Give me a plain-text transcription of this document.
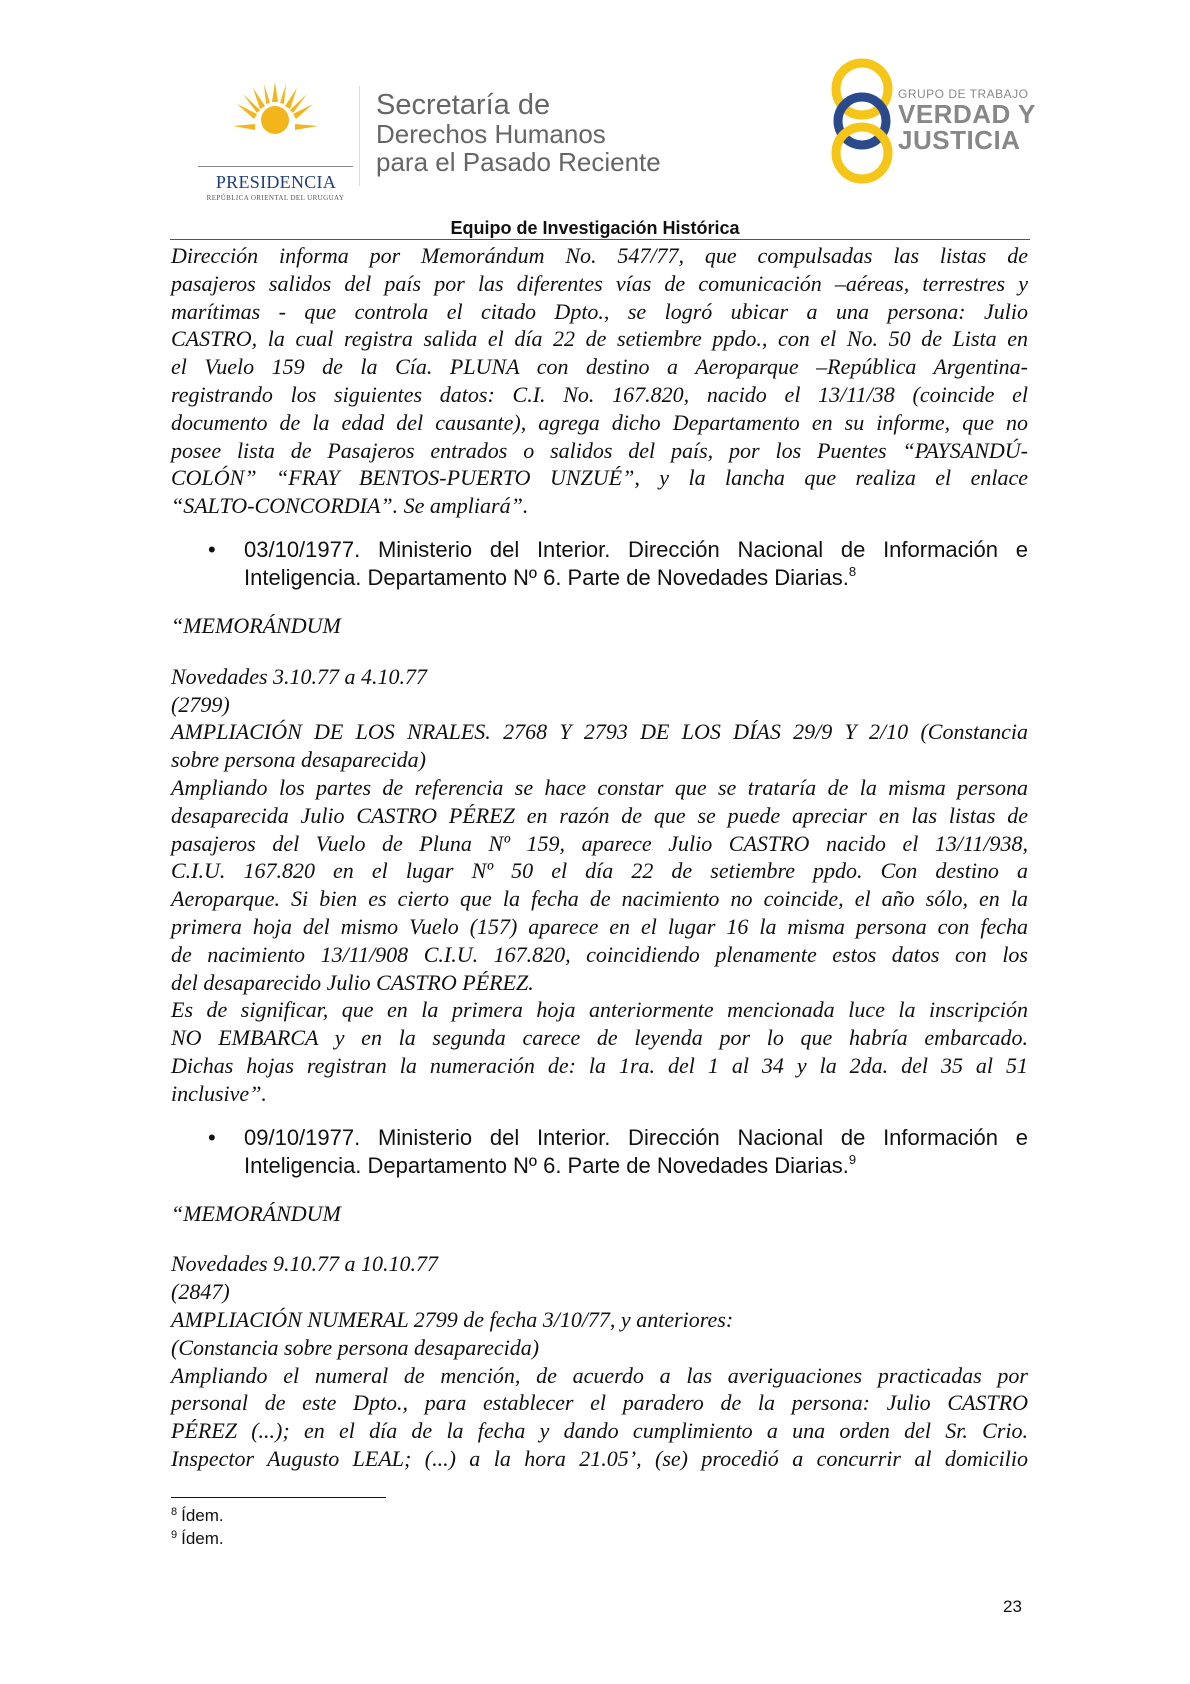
PRESIDENCIA
REPÚBLICA ORIENTAL DEL URUGUAY
Secretaría de
Derechos Humanos
para el Pasado Reciente
GRUPO DE TRABAJO
VERDAD Y
JUSTICIA
Equipo de Investigación Histórica
Dirección informa por Memorándum No. 547/77, que compulsadas las listas de
pasajeros salidos del país por las diferentes vías de comunicación –aéreas, terrestres y
marítimas - que controla el citado Dpto., se logró ubicar a una persona: Julio
CASTRO, la cual registra salida el día 22 de setiembre ppdo., con el No. 50 de Lista en
el Vuelo 159 de la Cía. PLUNA con destino a Aeroparque –República Argentina-
registrando los siguientes datos: C.I. No. 167.820, nacido el 13/11/38 (coincide el
documento de la edad del causante), agrega dicho Departamento en su informe, que no
posee lista de Pasajeros entrados o salidos del país, por los Puentes “PAYSANDÚ-
COLÓN” “FRAY BENTOS-PUERTO UNZUÉ”, y la lancha que realiza el enlace
“SALTO-CONCORDIA”. Se ampliará”.
• 03/10/1977. Ministerio del Interior. Dirección Nacional de Información e
Inteligencia. Departamento Nº 6. Parte de Novedades Diarias.$^8$
“MEMORÁNDUM
Novedades 3.10.77 a 4.10.77
(2799)
AMPLIACIÓN DE LOS NRALES. 2768 Y 2793 DE LOS DÍAS 29/9 Y 2/10 (Constancia
sobre persona desaparecida)
Ampliando los partes de referencia se hace constar que se trataría de la misma persona
desaparecida Julio CASTRO PÉREZ en razón de que se puede apreciar en las listas de
pasajeros del Vuelo de Pluna Nº 159, aparece Julio CASTRO nacido el 13/11/938,
C.I.U. 167.820 en el lugar Nº 50 el día 22 de setiembre ppdo. Con destino a
Aeroparque. Si bien es cierto que la fecha de nacimiento no coincide, el año sólo, en la
primera hoja del mismo Vuelo (157) aparece en el lugar 16 la misma persona con fecha
de nacimiento 13/11/908 C.I.U. 167.820, coincidiendo plenamente estos datos con los
del desaparecido Julio CASTRO PÉREZ.
Es de significar, que en la primera hoja anteriormente mencionada luce la inscripción
NO EMBARCA y en la segunda carece de leyenda por lo que habría embarcado.
Dichas hojas registran la numeración de: la 1ra. del 1 al 34 y la 2da. del 35 al 51
inclusive”.
• 09/10/1977. Ministerio del Interior. Dirección Nacional de Información e
Inteligencia. Departamento Nº 6. Parte de Novedades Diarias.$^9$
“MEMORÁNDUM
Novedades 9.10.77 a 10.10.77
(2847)
AMPLIACIÓN NUMERAL 2799 de fecha 3/10/77, y anteriores:
(Constancia sobre persona desaparecida)
Ampliando el numeral de mención, de acuerdo a las averiguaciones practicadas por
personal de este Dpto., para establecer el paradero de la persona: Julio CASTRO
PÉREZ (...); en el día de la fecha y dando cumplimiento a una orden del Sr. Crio.
Inspector Augusto LEAL; (...) a la hora 21.05’, (se) procedió a concurrir al domicilio
$^8$ Ídem.
$^9$ Ídem.
23
